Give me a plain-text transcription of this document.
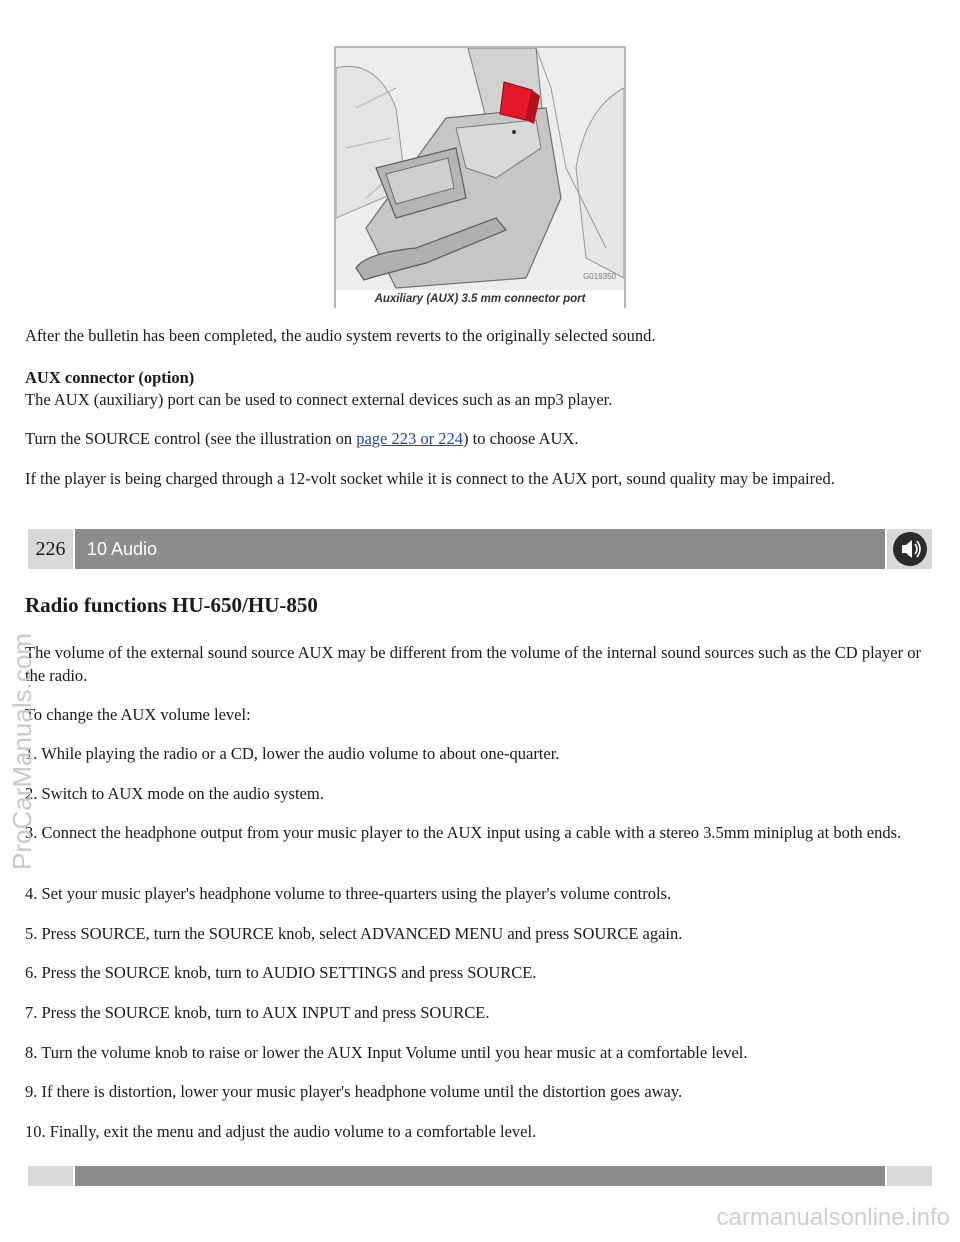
G019350
Auxiliary (AUX) 3.5 mm connector port

After the bulletin has been completed, the audio system reverts to the originally selected sound.

AUX connector (option)

The AUX (auxiliary) port can be used to connect external devices such as an mp3 player.

Turn the SOURCE control (see the illustration on page 223 or 224) to choose AUX.

If the player is being charged through a 12-volt socket while it is connect to the AUX port, sound quality may be impaired.

226	10 Audio
Radio functions HU-650/HU-850

The volume of the external sound source AUX may be different from the volume of the internal sound sources such as the CD player or the radio.

To change the AUX volume level:

1. While playing the radio or a CD, lower the audio volume to about one-quarter.

2. Switch to AUX mode on the audio system.

3. Connect the headphone output from your music player to the AUX input using a cable with a stereo 3.5mm miniplug at both ends.

4. Set your music player's headphone volume to three-quarters using the player's volume controls.

5. Press SOURCE, turn the SOURCE knob, select ADVANCED MENU and press SOURCE again.

6. Press the SOURCE knob, turn to AUDIO SETTINGS and press SOURCE.

7. Press the SOURCE knob, turn to AUX INPUT and press SOURCE.

8. Turn the volume knob to raise or lower the AUX Input Volume until you hear music at a comfortable level.

9. If there is distortion, lower your music player's headphone volume until the distortion goes away.

10. Finally, exit the menu and adjust the audio volume to a comfortable level.

ProCarManuals.com
carmanualsonline.info
